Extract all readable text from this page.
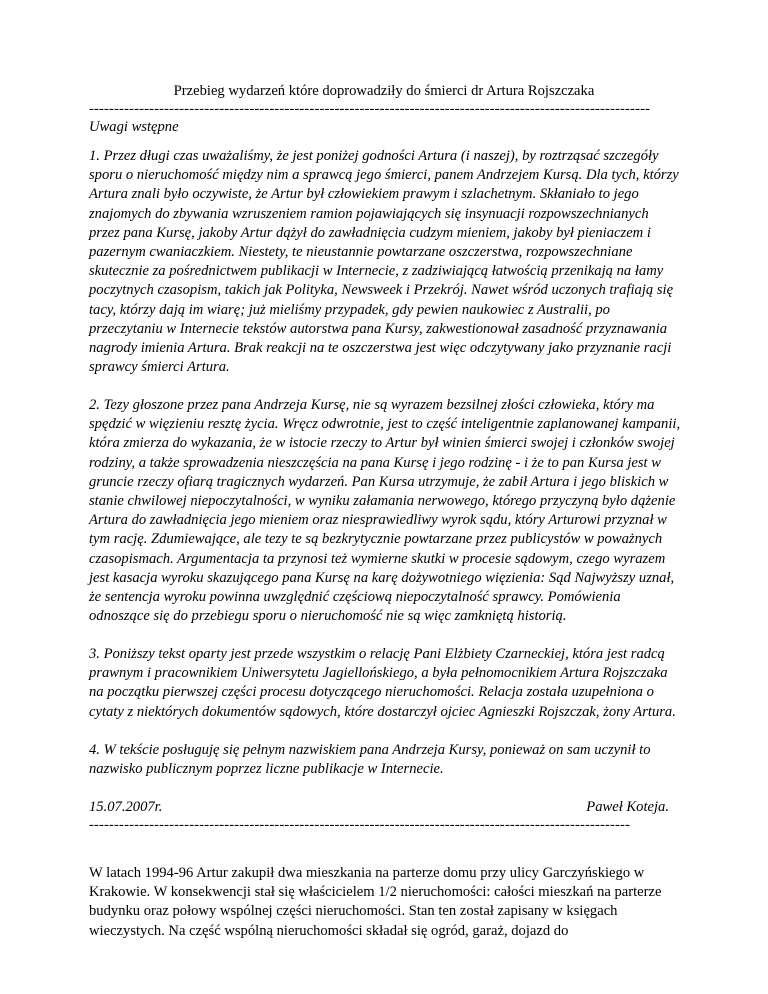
Przebieg wydarzeń które doprowadziły do śmierci dr Artura Rojszczaka
----------------------------------------------------------------------------------------------------------------
Uwagi wstępne

1. Przez długi czas uważaliśmy, że jest poniżej godności Artura (i naszej), by roztrząsać szczegóły sporu o nieruchomość między nim a sprawcą jego śmierci, panem Andrzejem Kursą. Dla tych, którzy Artura znali było oczywiste, że Artur był człowiekiem prawym i szlachetnym. Skłaniało to jego znajomych do zbywania wzruszeniem ramion pojawiających się insynuacji rozpowszechnianych przez pana Kursę, jakoby Artur dążył do zawładnięcia cudzym mieniem, jakoby był pieniaczem i pazernym cwaniaczkiem. Niestety, te nieustannie powtarzane oszczerstwa, rozpowszechniane skutecznie za pośrednictwem publikacji w Internecie, z zadziwiającą łatwością przenikają na łamy poczytnych czasopism, takich jak Polityka, Newsweek i Przekrój. Nawet wśród uczonych trafiają się tacy, którzy dają im wiarę; już mieliśmy przypadek, gdy pewien naukowiec z Australii, po przeczytaniu w Internecie tekstów autorstwa pana Kursy, zakwestionował zasadność przyznawania nagrody imienia Artura. Brak reakcji na te oszczerstwa jest więc odczytywany jako przyznanie racji sprawcy śmierci Artura.

2. Tezy głoszone przez pana Andrzeja Kursę, nie są wyrazem bezsilnej złości człowieka, który ma spędzić w więzieniu resztę życia. Wręcz odwrotnie, jest to część inteligentnie zaplanowanej kampanii, która zmierza do wykazania, że w istocie rzeczy to Artur był winien śmierci swojej i członków swojej rodziny, a także sprowadzenia nieszczęścia na pana Kursę i jego rodzinę - i że to pan Kursa jest w gruncie rzeczy ofiarą tragicznych wydarzeń. Pan Kursa utrzymuje, że zabił Artura i jego bliskich w stanie chwilowej niepoczytalności, w wyniku załamania nerwowego, którego przyczyną było dążenie Artura do zawładnięcia jego mieniem oraz niesprawiedliwy wyrok sądu, który Arturowi przyznał w tym rację. Zdumiewające, ale tezy te są bezkrytycznie powtarzane przez publicystów w poważnych czasopismach. Argumentacja ta przynosi też wymierne skutki w procesie sądowym, czego wyrazem jest kasacja wyroku skazującego pana Kursę na karę dożywotniego więzienia: Sąd Najwyższy uznał, że sentencja wyroku powinna uwzględnić częściową niepoczytalność sprawcy. Pomówienia odnoszące się do przebiegu sporu o nieruchomość nie są więc zamkniętą historią.

3. Poniższy tekst oparty jest przede wszystkim o relację Pani Elżbiety Czarneckiej, która jest radcą prawnym i pracownikiem Uniwersytetu Jagiellońskiego, a była pełnomocnikiem Artura Rojszczaka na początku pierwszej części procesu dotyczącego nieruchomości. Relacja została uzupełniona o cytaty z niektórych dokumentów sądowych, które dostarczył ojciec Agnieszki Rojszczak, żony Artura.

4. W tekście posługuję się pełnym nazwiskiem pana Andrzeja Kursy, ponieważ on sam uczynił to nazwisko publicznym poprzez liczne publikacje w Internecie.

15.07.2007r.	Paweł Koteja.
------------------------------------------------------------------------------------------------------------

W latach 1994-96 Artur zakupił dwa mieszkania na parterze domu przy ulicy Garczyńskiego w Krakowie. W konsekwencji stał się właścicielem 1/2 nieruchomości: całości mieszkań na parterze budynku oraz połowy wspólnej części nieruchomości. Stan ten został zapisany w księgach wieczystych. Na część wspólną nieruchomości składał się ogród, garaż, dojazd do
